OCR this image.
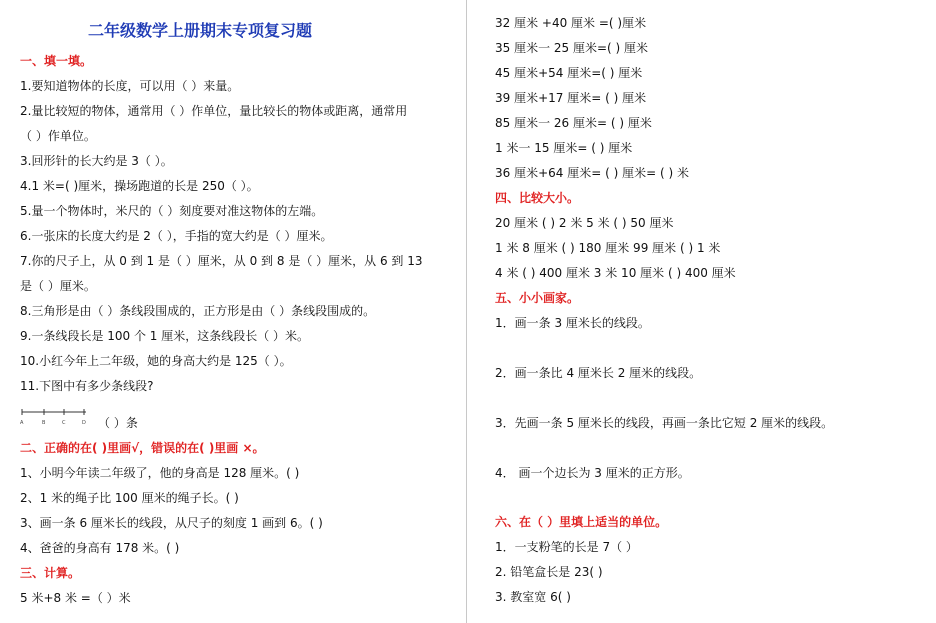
二年级数学上册期末专项复习题
一、填一填。
1.要知道物体的长度，可以用（ ）来量。
2.量比较短的物体，通常用（ ）作单位，量比较长的物体或距离，通常用
（ ）作单位。
3.回形针的长大约是 3（ ）。
4.1 米=( )厘米，操场跑道的长是 250（ ）。
5.量一个物体时，米尺的（ ）刻度要对准这物体的左端。
6.一张床的长度大约是 2（ ），手指的宽大约是（ ）厘米。
7.你的尺子上，从 0 到 1 是（ ）厘米，从 0 到 8 是（ ）厘米，从 6 到 13
是（ ）厘米。
8.三角形是由（ ）条线段围成的，正方形是由（ ）条线段围成的。
9.一条线段长是 100 个 1 厘米，这条线段长（ ）米。
10.小红今年上二年级，她的身高大约是 125（ ）。
11.下图中有多少条线段?
A	B	C	D （ ）条
二、正确的在( )里画√，错误的在( )里画 ×。
1、小明今年读二年级了，他的身高是 128 厘米。( )
2、1 米的绳子比 100 厘米的绳子长。( )
3、画一条 6 厘米长的线段，从尺子的刻度 1 画到 6。( )
4、爸爸的身高有 178 米。( )
三、计算。
5 米+8 米 =（ ）米
32 厘米 +40 厘米 =( )厘米
35 厘米一 25 厘米=( ) 厘米
45 厘米+54 厘米=( ) 厘米
39 厘米+17 厘米= ( ) 厘米
85 厘米一 26 厘米= ( ) 厘米
1 米一 15 厘米= ( ) 厘米
36 厘米+64 厘米= ( ) 厘米= ( ) 米
四、比较大小。
20 厘米 ( ) 2 米 5 米 ( ) 50 厘米
1 米 8 厘米 ( ) 180 厘米 99 厘米 ( ) 1 米
4 米 ( ) 400 厘米 3 米 10 厘米 ( ) 400 厘米
五、小小画家。
1．画一条 3 厘米长的线段。
2．画一条比 4 厘米长 2 厘米的线段。
3．先画一条 5 厘米长的线段，再画一条比它短 2 厘米的线段。
4． 画一个边长为 3 厘米的正方形。
六、在（ ）里填上适当的单位。
1．一支粉笔的长是 7（ ）
2. 铅笔盒长是 23( )
3. 教室宽 6( )
